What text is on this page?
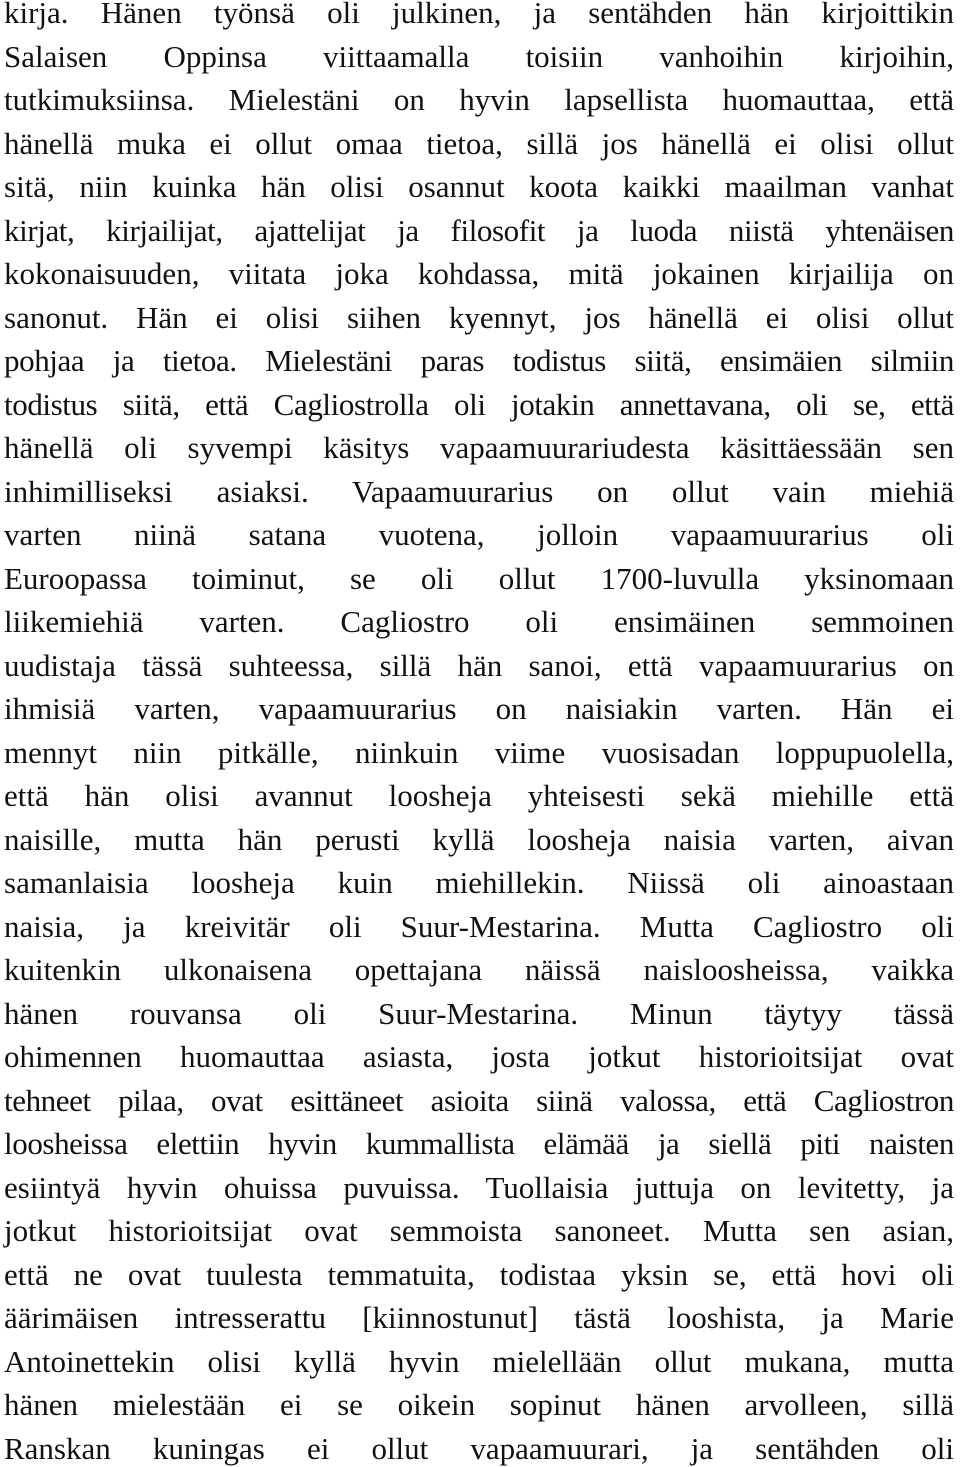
kirja. Hänen työnsä oli julkinen, ja sentähden hän kirjoittikin
Salaisen Oppinsa viittaamalla toisiin vanhoihin kirjoihin,
tutkimuksiinsa. Mielestäni on hyvin lapsellista huomauttaa, että
hänellä muka ei ollut omaa tietoa, sillä jos hänellä ei olisi ollut
sitä, niin kuinka hän olisi osannut koota kaikki maailman vanhat
kirjat, kirjailijat, ajattelijat ja filosofit ja luoda niistä yhtenäisen
kokonaisuuden, viitata joka kohdassa, mitä jokainen kirjailija on
sanonut. Hän ei olisi siihen kyennyt, jos hänellä ei olisi ollut
pohjaa ja tietoa. Mielestäni paras todistus siitä, ensimäien silmiin
todistus siitä, että Cagliostrolla oli jotakin annettavana, oli se, että
hänellä oli syvempi käsitys vapaamuurariudesta käsittäessään sen
inhimilliseksi asiaksi. Vapaamuurarius on ollut vain miehiä
varten niinä satana vuotena, jolloin vapaamuurarius oli
Euroopassa toiminut, se oli ollut 1700-luvulla yksinomaan
liikemiehiä varten. Cagliostro oli ensimäinen semmoinen
uudistaja tässä suhteessa, sillä hän sanoi, että vapaamuurarius on
ihmisiä varten, vapaamuurarius on naisiakin varten. Hän ei
mennyt niin pitkälle, niinkuin viime vuosisadan loppupuolella,
että hän olisi avannut loosheja yhteisesti sekä miehille että
naisille, mutta hän perusti kyllä loosheja naisia varten, aivan
samanlaisia loosheja kuin miehillekin. Niissä oli ainoastaan
naisia, ja kreivitär oli Suur-Mestarina. Mutta Cagliostro oli
kuitenkin ulkonaisena opettajana näissä naisloosheissa, vaikka
hänen rouvansa oli Suur-Mestarina. Minun täytyy tässä
ohimennen huomauttaa asiasta, josta jotkut historioitsijat ovat
tehneet pilaa, ovat esittäneet asioita siinä valossa, että Cagliostron
loosheissa elettiin hyvin kummallista elämää ja siellä piti naisten
esiintyä hyvin ohuissa puvuissa. Tuollaisia juttuja on levitetty, ja
jotkut historioitsijat ovat semmoista sanoneet. Mutta sen asian,
että ne ovat tuulesta temmatuita, todistaa yksin se, että hovi oli
äärimäisen intresserattu [kiinnostunut] tästä looshista, ja Marie
Antoinettekin olisi kyllä hyvin mielellään ollut mukana, mutta
hänen mielestään ei se oikein sopinut hänen arvolleen, sillä
Ranskan kuningas ei ollut vapaamuurari, ja sentähden oli
